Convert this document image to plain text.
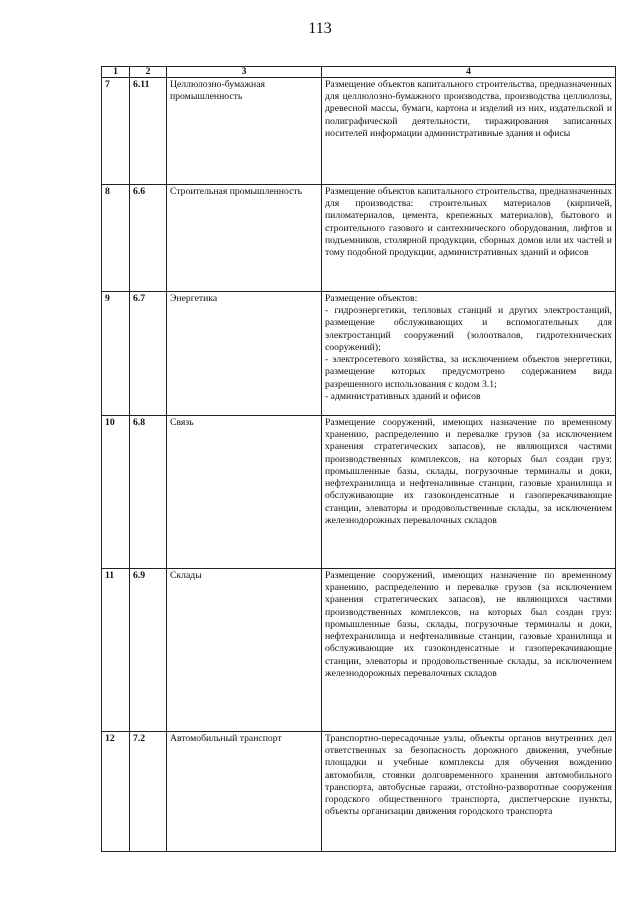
113
1	2	3	4
7	6.11	Целлюлозно-бумажная промышленность	Размещение объектов капитального строительства, предназначенных для целлюлозно-бумажного производства, производства целлюлозы, древесной массы, бумаги, картона и изделий из них, издательской и полиграфической деятельности, тиражирования записанных носителей информации административные здания и офисы

8	6.6	Строительная промышленность	Размещение объектов капитального строительства, предназначенных для производства: строительных материалов (кирпичей, пиломатериалов, цемента, крепежных материалов), бытового и строительного газового и сантехнического оборудования, лифтов и подъемников, столярной продукции, сборных домов или их частей и тому подобной продукции, административных зданий и офисов

9	6.7	Энергетика	Размещение объектов:
- гидроэнергетики, тепловых станций и других электростанций, размещение обслуживающих и вспомогательных для электростанций сооружений (золоотвалов, гидротехнических сооружений);
- электросетевого хозяйства, за исключением объектов энергетики, размещение которых предусмотрено содержанием вида разрешенного использования с кодом 3.1;
- административных зданий и офисов

10	6.8	Связь	Размещение сооружений, имеющих назначение по временному хранению, распределению и перевалке грузов (за исключением хранения стратегических запасов), не являющихся частями производственных комплексов, на которых был создан груз: промышленные базы, склады, погрузочные терминалы и доки, нефтехранилища и нефтеналивные станции, газовые хранилища и обслуживающие их газоконденсатные и газоперекачивающие станции, элеваторы и продовольственные склады, за исключением железнодорожных перевалочных складов

11	6.9	Склады	Размещение сооружений, имеющих назначение по временному хранению, распределению и перевалке грузов (за исключением хранения стратегических запасов), не являющихся частями производственных комплексов, на которых был создан груз: промышленные базы, склады, погрузочные терминалы и доки, нефтехранилища и нефтеналивные станции, газовые хранилища и обслуживающие их газоконденсатные и газоперекачивающие станции, элеваторы и продовольственные склады, за исключением железнодорожных перевалочных складов

12	7.2	Автомобильный транспорт	Транспортно-пересадочные узлы, объекты органов внутренних дел ответственных за безопасность дорожного движения, учебные площадки и учебные комплексы для обучения вождению автомобиля, стоянки долговременного хранения автомобильного транспорта, автобусные гаражи, отстойно-разворотные сооружения городского общественного транспорта, диспетчерские пункты, объекты организации движения городского транспорта
